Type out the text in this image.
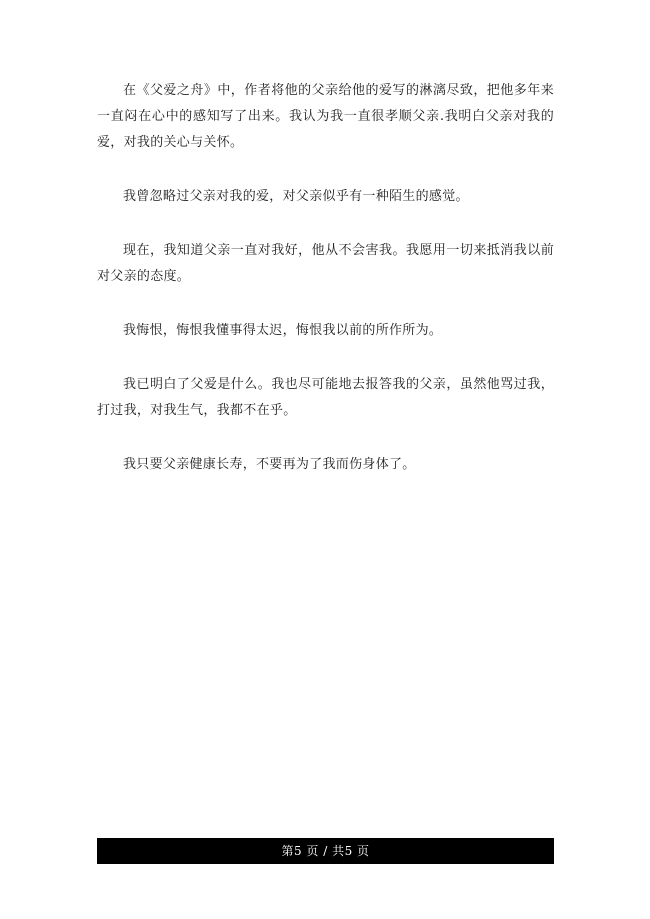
在《父爱之舟》中，作者将他的父亲给他的爱写的淋漓尽致，把他多年来一直闷在心中的感知写了出来。我认为我一直很孝顺父亲.我明白父亲对我的爱，对我的关心与关怀。

我曾忽略过父亲对我的爱，对父亲似乎有一种陌生的感觉。

现在，我知道父亲一直对我好，他从不会害我。我愿用一切来抵消我以前对父亲的态度。

我悔恨，悔恨我懂事得太迟，悔恨我以前的所作所为。

我已明白了父爱是什么。我也尽可能地去报答我的父亲，虽然他骂过我，打过我，对我生气，我都不在乎。

我只要父亲健康长寿，不要再为了我而伤身体了。

第5 页 / 共5 页
